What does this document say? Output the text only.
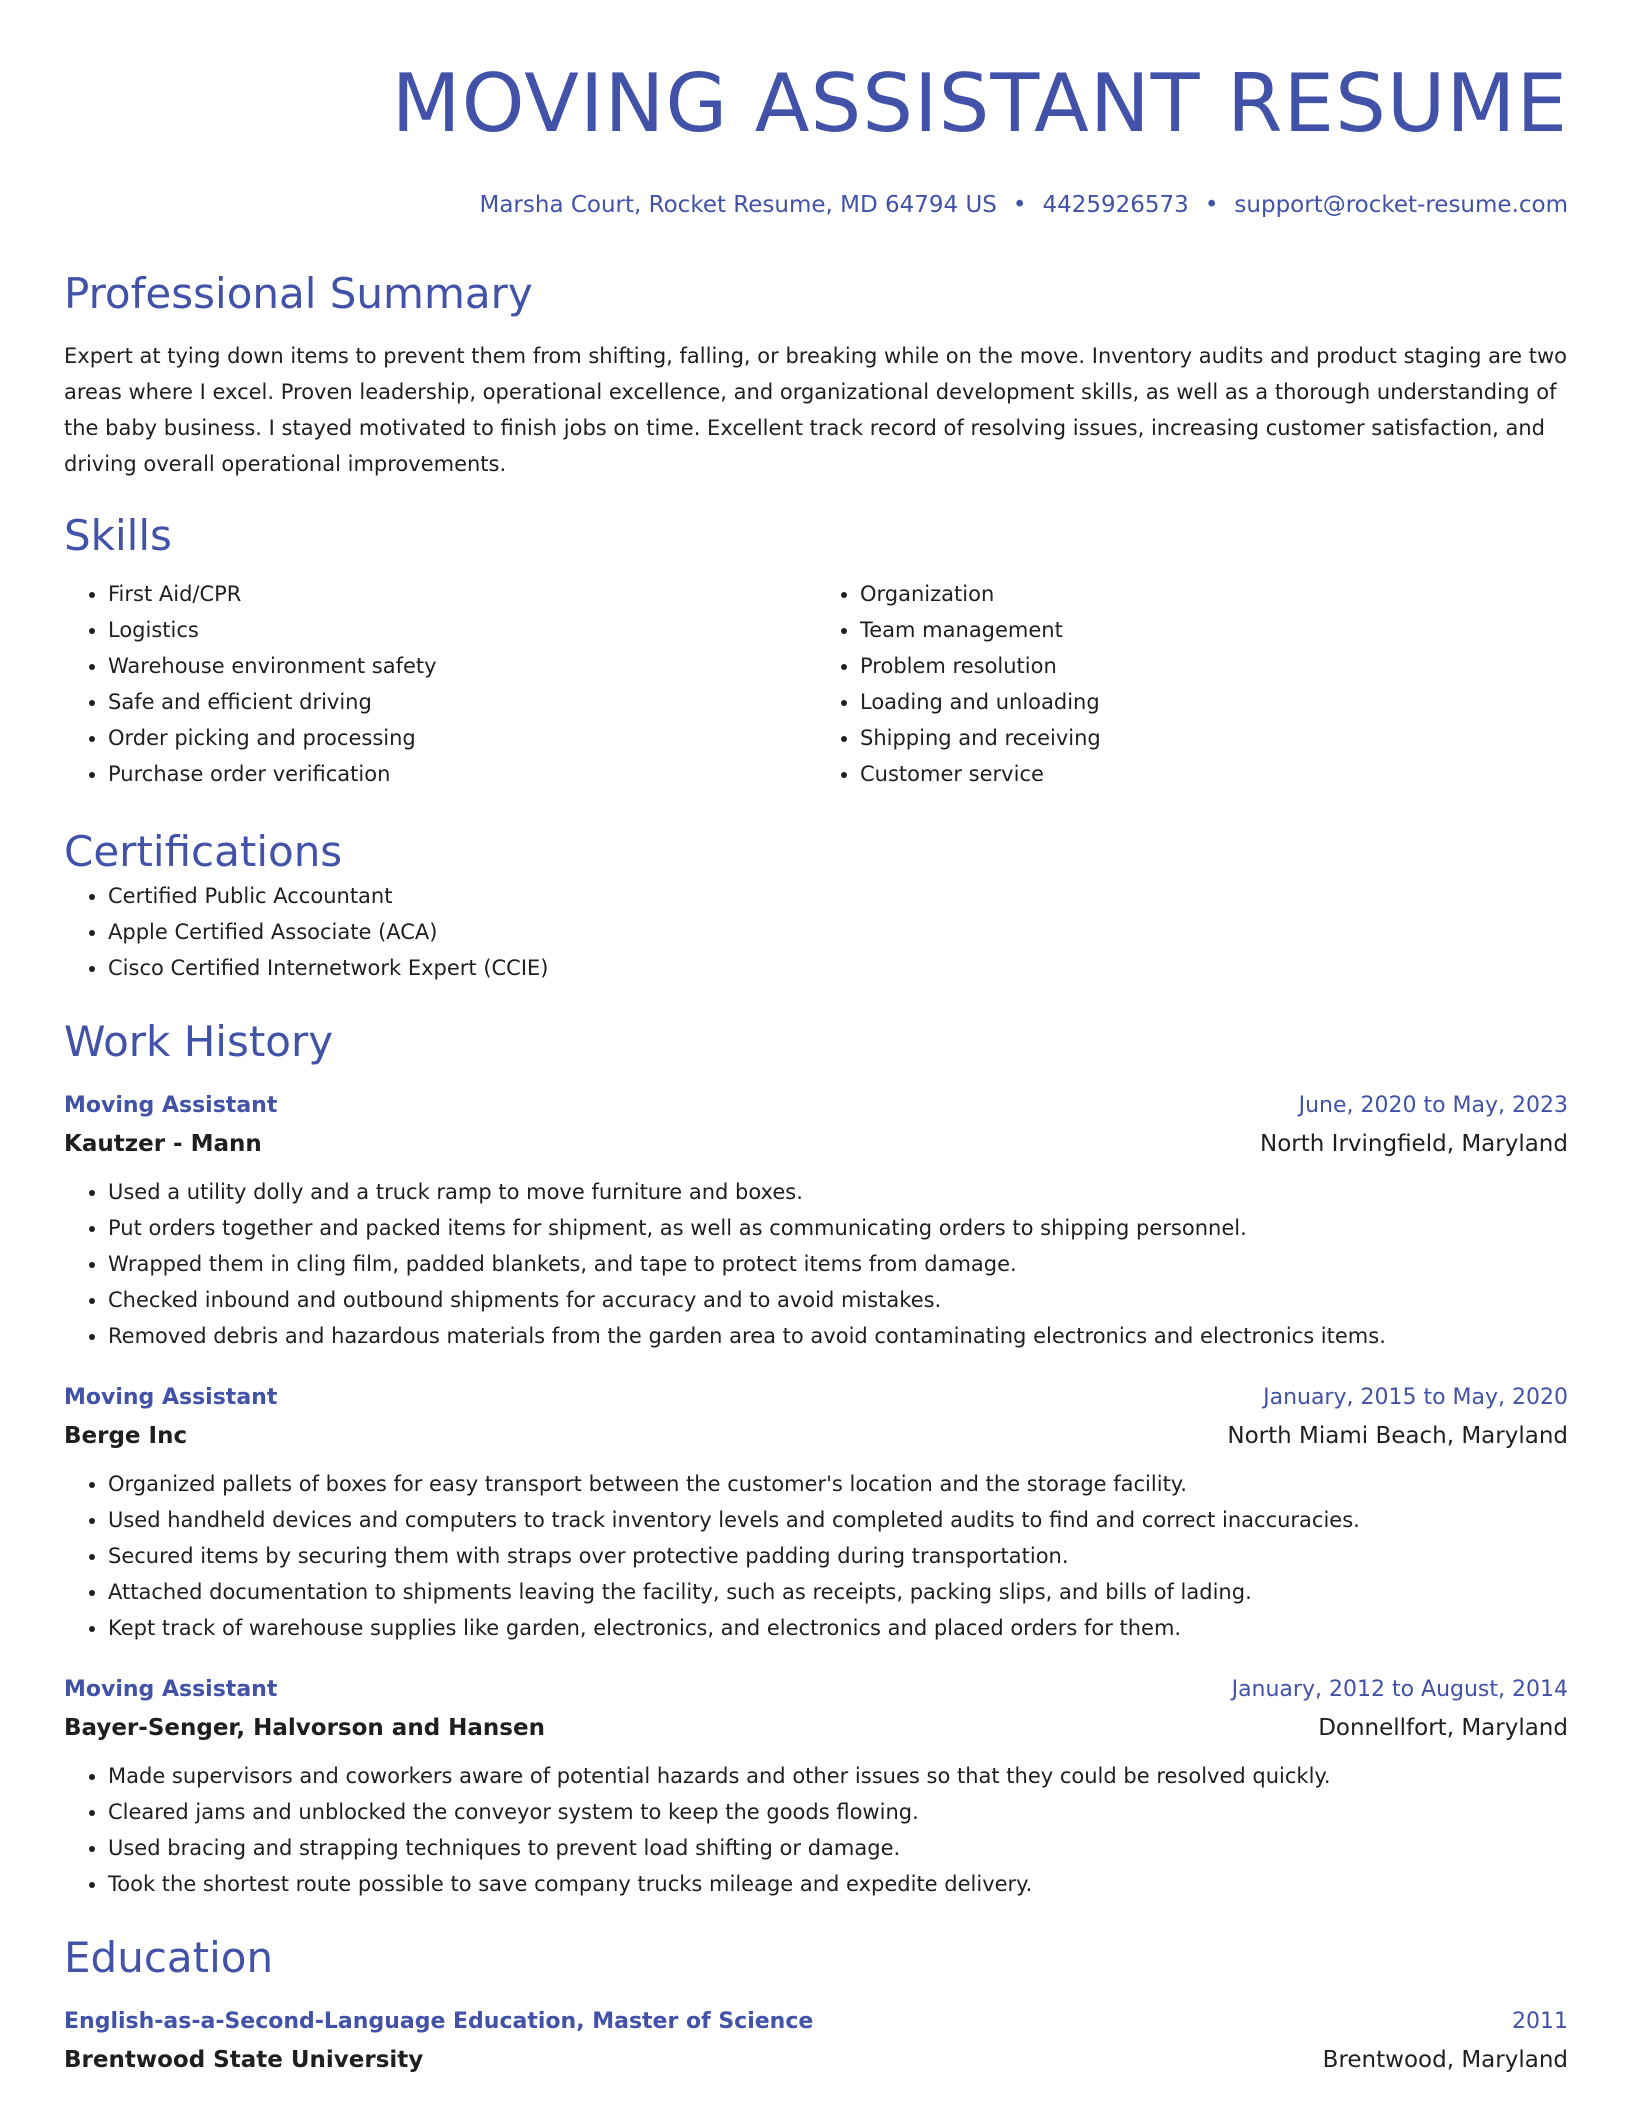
MOVING ASSISTANT RESUME
Marsha Court, Rocket Resume, MD 64794 US • 4425926573 • support@rocket-resume.com
Professional Summary
Expert at tying down items to prevent them from shifting, falling, or breaking while on the move. Inventory audits and product staging are two areas where I excel. Proven leadership, operational excellence, and organizational development skills, as well as a thorough understanding of the baby business. I stayed motivated to finish jobs on time. Excellent track record of resolving issues, increasing customer satisfaction, and driving overall operational improvements.
Skills
• First Aid/CPR
• Logistics
• Warehouse environment safety
• Safe and efficient driving
• Order picking and processing
• Purchase order verification
• Organization
• Team management
• Problem resolution
• Loading and unloading
• Shipping and receiving
• Customer service
Certifications
• Certified Public Accountant
• Apple Certified Associate (ACA)
• Cisco Certified Internetwork Expert (CCIE)
Work History
Moving Assistant	June, 2020 to May, 2023
Kautzer - Mann	North Irvingfield, Maryland
• Used a utility dolly and a truck ramp to move furniture and boxes.
• Put orders together and packed items for shipment, as well as communicating orders to shipping personnel.
• Wrapped them in cling film, padded blankets, and tape to protect items from damage.
• Checked inbound and outbound shipments for accuracy and to avoid mistakes.
• Removed debris and hazardous materials from the garden area to avoid contaminating electronics and electronics items.
Moving Assistant	January, 2015 to May, 2020
Berge Inc	North Miami Beach, Maryland
• Organized pallets of boxes for easy transport between the customer's location and the storage facility.
• Used handheld devices and computers to track inventory levels and completed audits to find and correct inaccuracies.
• Secured items by securing them with straps over protective padding during transportation.
• Attached documentation to shipments leaving the facility, such as receipts, packing slips, and bills of lading.
• Kept track of warehouse supplies like garden, electronics, and electronics and placed orders for them.
Moving Assistant	January, 2012 to August, 2014
Bayer-Senger, Halvorson and Hansen	Donnellfort, Maryland
• Made supervisors and coworkers aware of potential hazards and other issues so that they could be resolved quickly.
• Cleared jams and unblocked the conveyor system to keep the goods flowing.
• Used bracing and strapping techniques to prevent load shifting or damage.
• Took the shortest route possible to save company trucks mileage and expedite delivery.
Education
English-as-a-Second-Language Education, Master of Science	2011
Brentwood State University	Brentwood, Maryland
